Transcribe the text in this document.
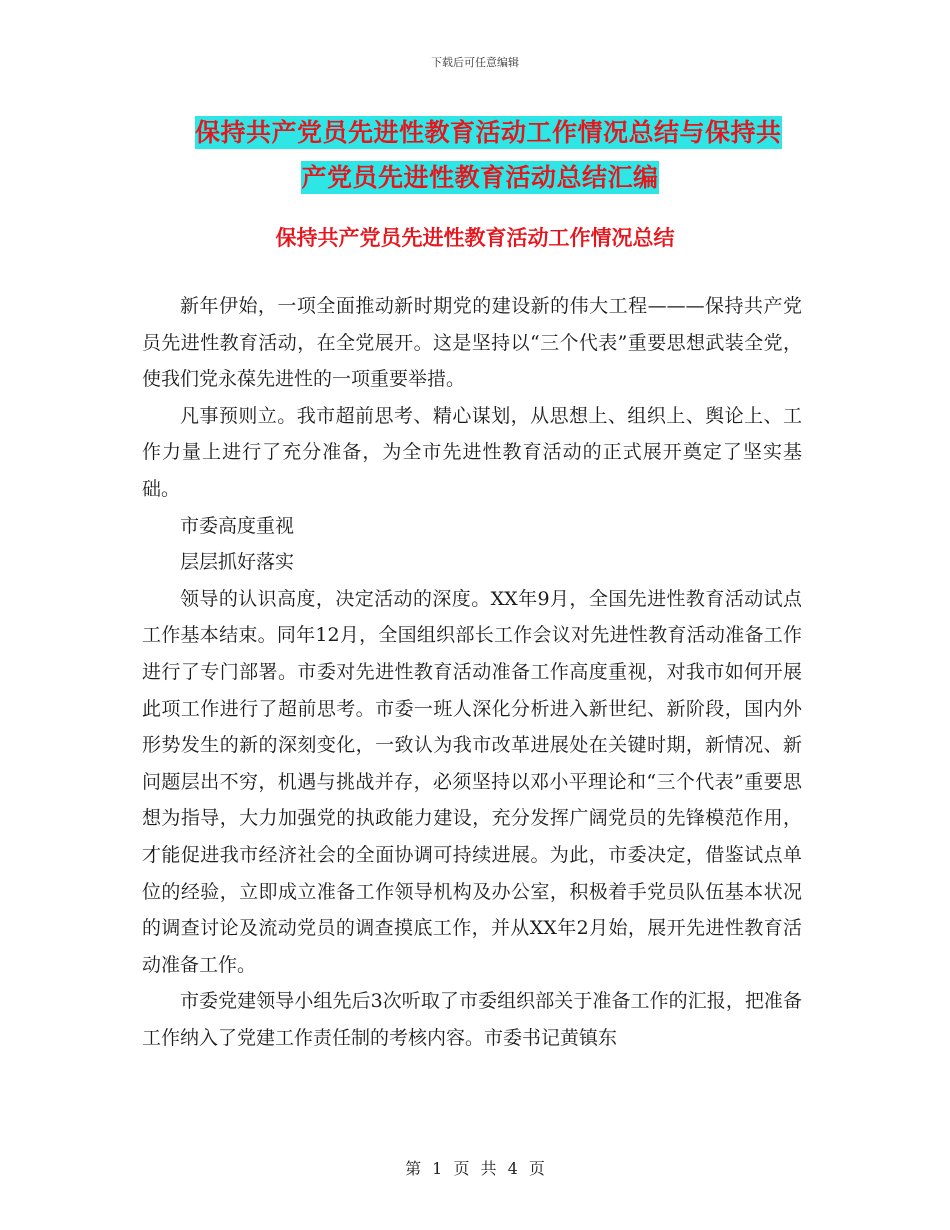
下载后可任意编辑
保持共产党员先进性教育活动工作情况总结与保持共
产党员先进性教育活动总结汇编
保持共产党员先进性教育活动工作情况总结

新年伊始，一项全面推动新时期党的建设新的伟大工程———保持共产党员先进性教育活动，在全党展开。这是坚持以“三个代表”重要思想武装全党，使我们党永葆先进性的一项重要举措。

凡事预则立。我市超前思考、精心谋划，从思想上、组织上、舆论上、工作力量上进行了充分准备，为全市先进性教育活动的正式展开奠定了坚实基础。

市委高度重视

层层抓好落实

领导的认识高度，决定活动的深度。XX年9月，全国先进性教育活动试点工作基本结束。同年12月，全国组织部长工作会议对先进性教育活动准备工作进行了专门部署。市委对先进性教育活动准备工作高度重视，对我市如何开展此项工作进行了超前思考。市委一班人深化分析进入新世纪、新阶段，国内外形势发生的新的深刻变化，一致认为我市改革进展处在关键时期，新情况、新问题层出不穷，机遇与挑战并存，必须坚持以邓小平理论和“三个代表”重要思想为指导，大力加强党的执政能力建设，充分发挥广阔党员的先锋模范作用，才能促进我市经济社会的全面协调可持续进展。为此，市委决定，借鉴试点单位的经验，立即成立准备工作领导机构及办公室，积极着手党员队伍基本状况的调查讨论及流动党员的调查摸底工作，并从XX年2月始，展开先进性教育活动准备工作。

市委党建领导小组先后3次听取了市委组织部关于准备工作的汇报，把准备工作纳入了党建工作责任制的考核内容。市委书记黄镇东

第 1 页 共 4 页
